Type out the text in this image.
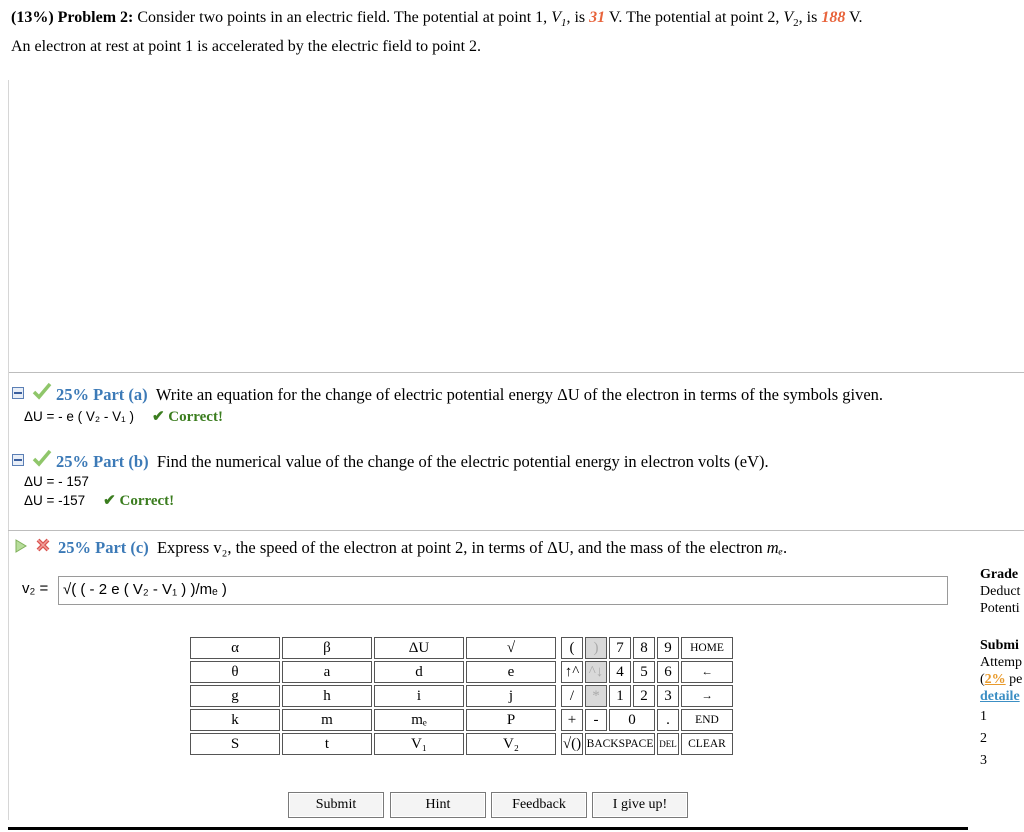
(13%) Problem 2: Consider two points in an electric field. The potential at point 1, $V_1$, is 31 V. The potential at point 2, $V_2$, is 188 V.
An electron at rest at point 1 is accelerated by the electric field to point 2.
25% Part (a) Write an equation for the change of electric potential energy ΔU of the electron in terms of the symbols given.
ΔU = - e ( V₂ - V₁ ) ✔ Correct!
25% Part (b) Find the numerical value of the change of the electric potential energy in electron volts (eV).
ΔU = - 157
ΔU = -157 ✔ Correct!
25% Part (c) Express v₂, the speed of the electron at point 2, in terms of ΔU, and the mass of the electron mₑ.
v₂ = √( ( - 2 e ( V₂ - V₁ ) )/mₑ )
α	β	ΔU	√
θ	a	d	e
g	h	i	j
k	m	mₑ	P
S	t	V₁	V₂
(	)	7	8	9	HOME
↑^	^↓	4	5	6	←
/	*	1	2	3	→
+	-	0		.	END
√()	BACKSPACE			DEL	CLEAR
Submit	Hint	Feedback	I give up!
Grade
Deduct
Potenti
Submi
Attemp
(2% pe
detaile
1
2
3
